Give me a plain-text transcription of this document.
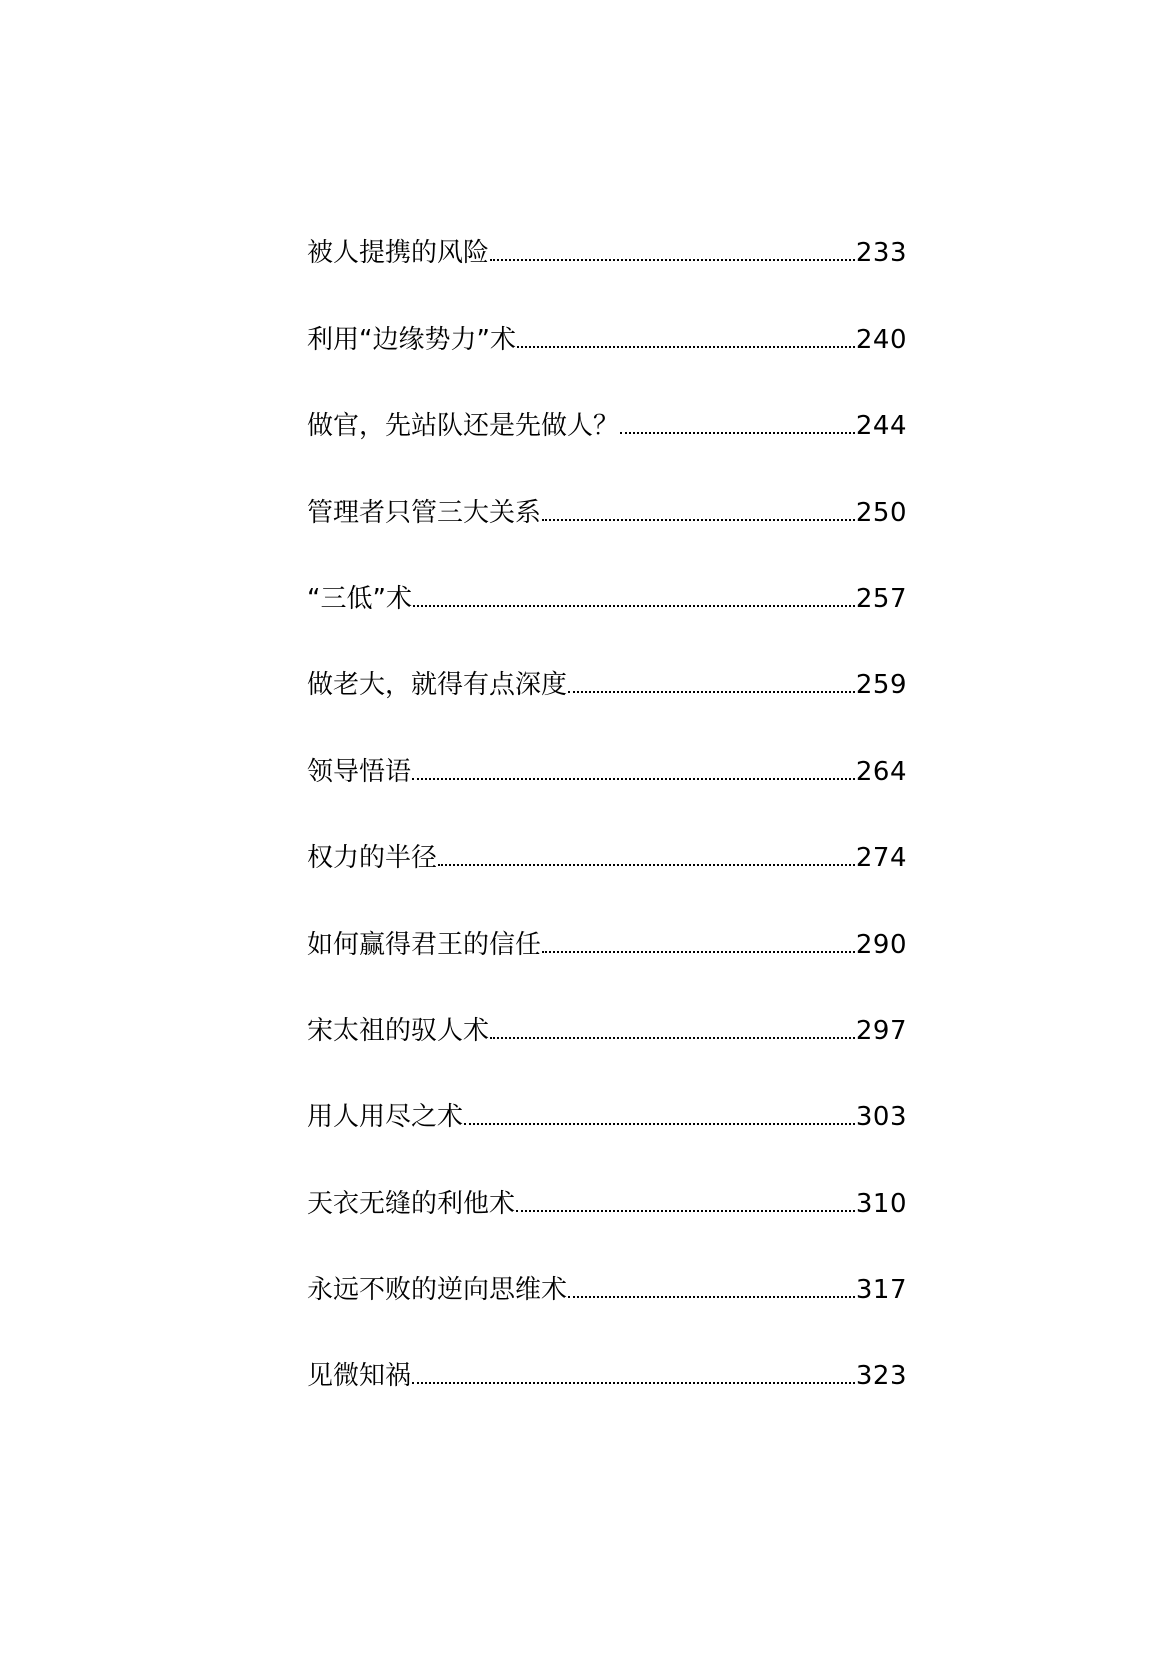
被人提携的风险	233
利用“边缘势力”术	240
做官，先站队还是先做人？	244
管理者只管三大关系	250
“三低”术	257
做老大，就得有点深度	259
领导悟语	264
权力的半径	274
如何赢得君王的信任	290
宋太祖的驭人术	297
用人用尽之术	303
天衣无缝的利他术	310
永远不败的逆向思维术	317
见微知祸	323
